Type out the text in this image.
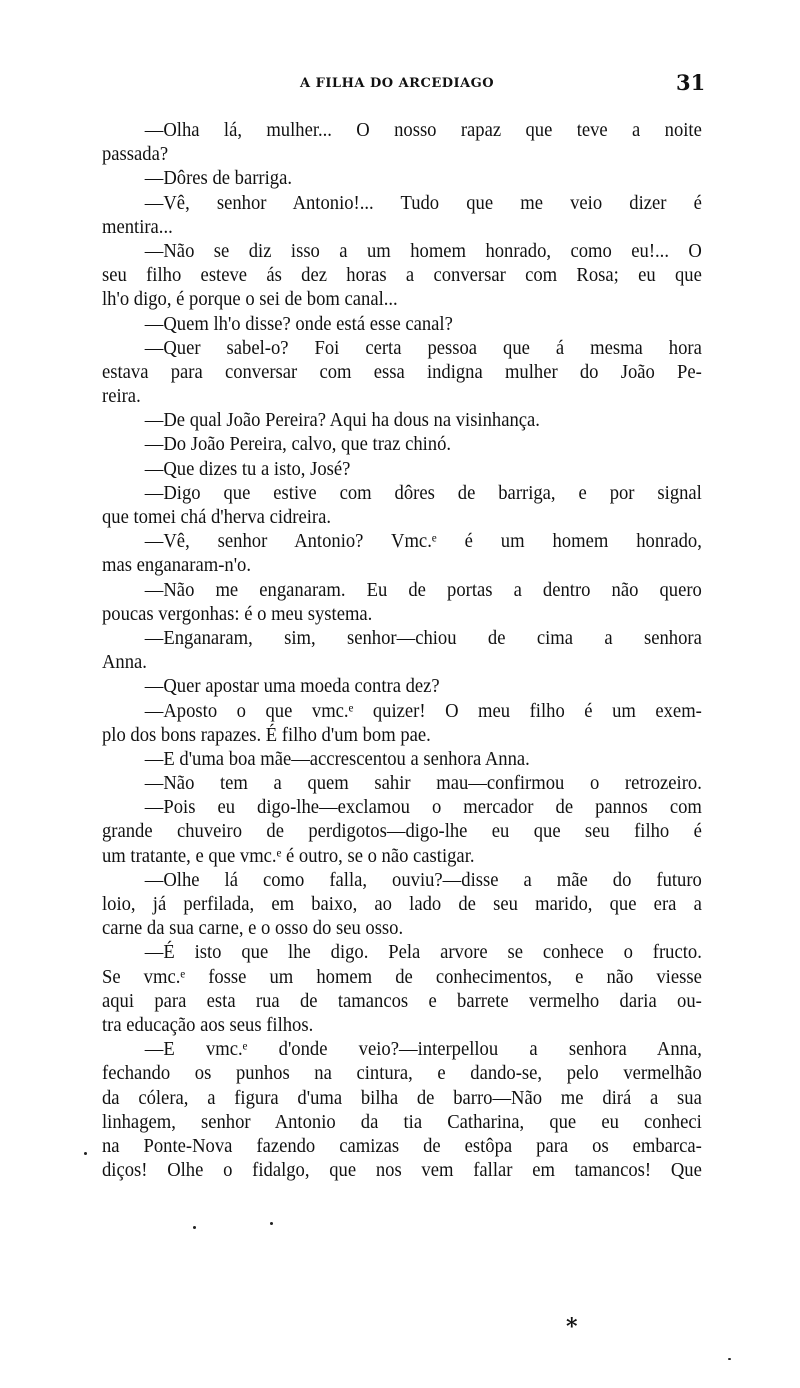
A FILHA DO ARCEDIAGO	31
—Olha lá, mulher... O nosso rapaz que teve a noite
passada?
—Dôres de barriga.
—Vê, senhor Antonio!... Tudo que me veio dizer é
mentira...
—Não se diz isso a um homem honrado, como eu!... O
seu filho esteve ás dez horas a conversar com Rosa; eu que
lh'o digo, é porque o sei de bom canal...
—Quem lh'o disse? onde está esse canal?
—Quer sabel-o? Foi certa pessoa que á mesma hora
estava para conversar com essa indigna mulher do João Pe-
reira.
—De qual João Pereira? Aqui ha dous na visinhança.
—Do João Pereira, calvo, que traz chinó.
—Que dizes tu a isto, José?
—Digo que estive com dôres de barriga, e por signal
que tomei chá d'herva cidreira.
—Vê, senhor Antonio? Vmc.ᵉ é um homem honrado,
mas enganaram-n'o.
—Não me enganaram. Eu de portas a dentro não quero
poucas vergonhas: é o meu systema.
—Enganaram, sim, senhor—chiou de cima a senhora
Anna.
—Quer apostar uma moeda contra dez?
—Aposto o que vmc.ᵉ quizer! O meu filho é um exem-
plo dos bons rapazes. É filho d'um bom pae.
—E d'uma boa mãe—accrescentou a senhora Anna.
—Não tem a quem sahir mau—confirmou o retrozeiro.
—Pois eu digo-lhe—exclamou o mercador de pannos com
grande chuveiro de perdigotos—digo-lhe eu que seu filho é
um tratante, e que vmc.ᵉ é outro, se o não castigar.
—Olhe lá como falla, ouviu?—disse a mãe do futuro
loio, já perfilada, em baixo, ao lado de seu marido, que era a
carne da sua carne, e o osso do seu osso.
—É isto que lhe digo. Pela arvore se conhece o fructo.
Se vmc.ᵉ fosse um homem de conhecimentos, e não viesse
aqui para esta rua de tamancos e barrete vermelho daria ou-
tra educação aos seus filhos.
—E vmc.ᵉ d'onde veio?—interpellou a senhora Anna,
fechando os punhos na cintura, e dando-se, pelo vermelhão
da cólera, a figura d'uma bilha de barro—Não me dirá a sua
linhagem, senhor Antonio da tia Catharina, que eu conheci
na Ponte-Nova fazendo camizas de estôpa para os embarca-
diços! Olhe o fidalgo, que nos vem fallar em tamancos! Que
*
